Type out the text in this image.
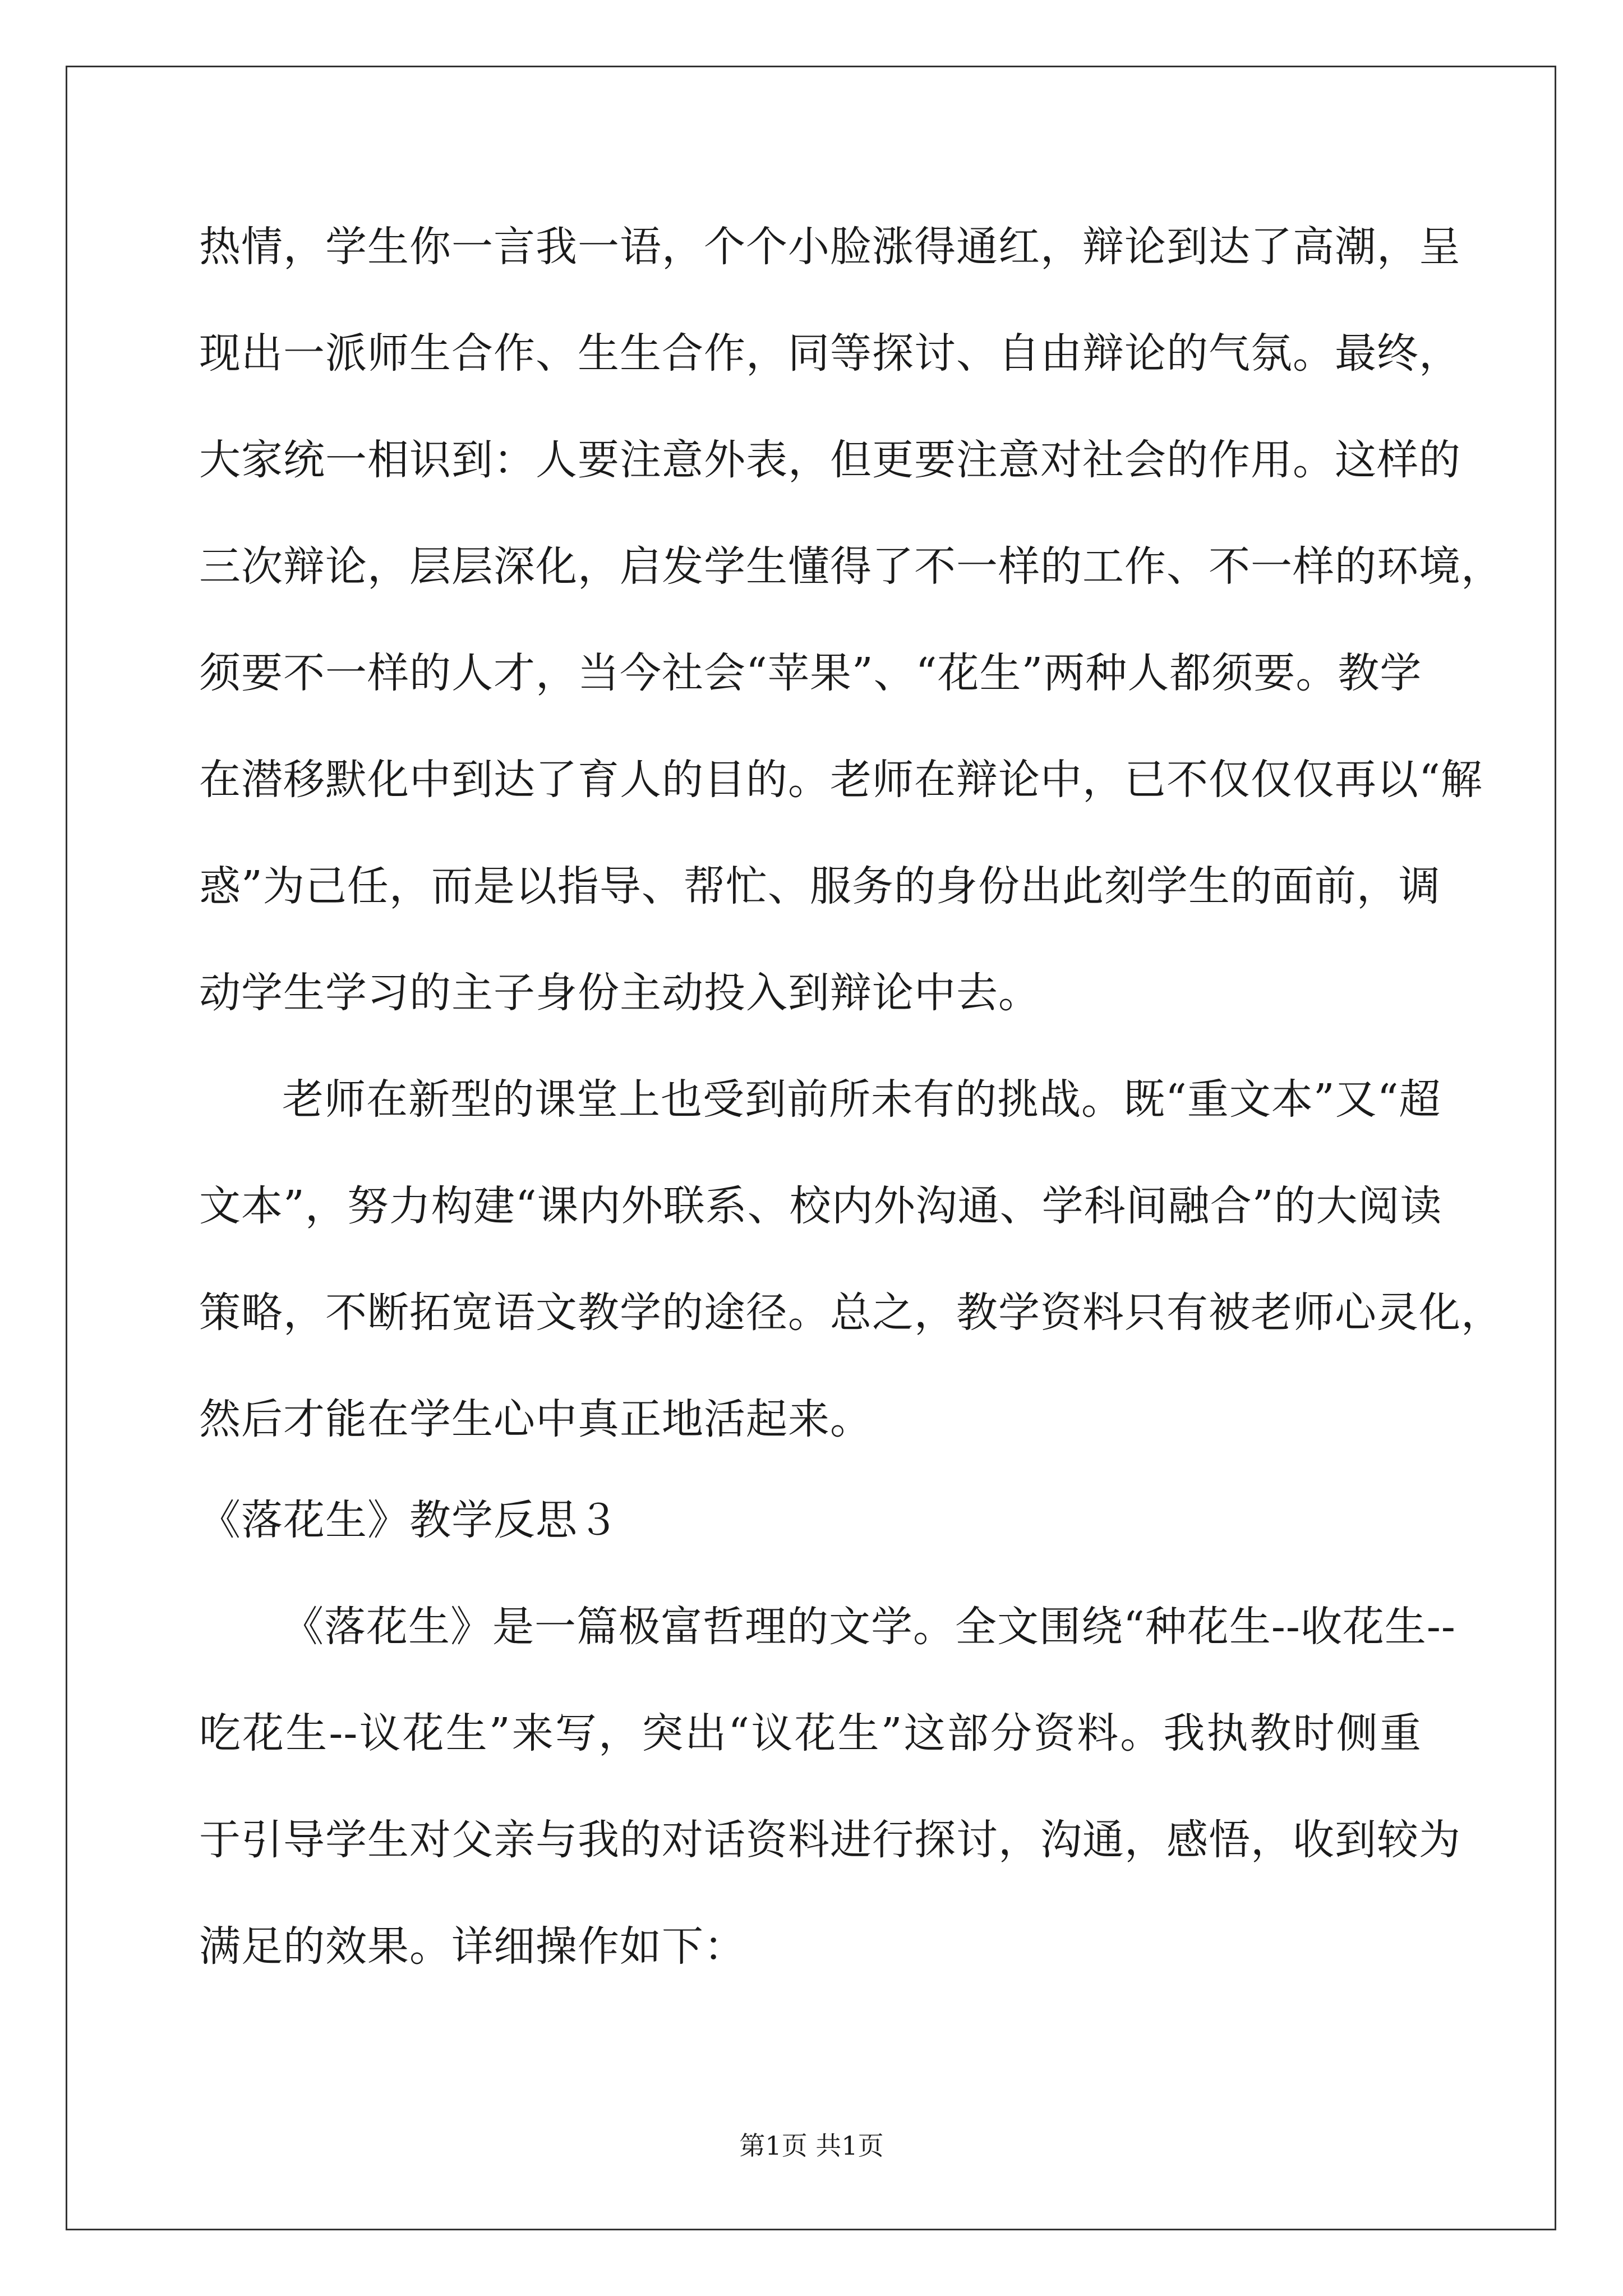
热情，学生你一言我一语，个个小脸涨得通红，辩论到达了高潮，呈
现出一派师生合作、生生合作，同等探讨、自由辩论的气氛。最终，
大家统一相识到：人要注意外表，但更要注意对社会的作用。这样的
三次辩论，层层深化，启发学生懂得了不一样的工作、不一样的环境，
须要不一样的人才，当今社会“苹果”、“花生”两种人都须要。教学
在潜移默化中到达了育人的目的。老师在辩论中，已不仅仅仅再以“解
惑”为己任，而是以指导、帮忙、服务的身份出此刻学生的面前，调
动学生学习的主子身份主动投入到辩论中去。
老师在新型的课堂上也受到前所未有的挑战。既“重文本”又“超
文本”，努力构建“课内外联系、校内外沟通、学科间融合”的大阅读
策略，不断拓宽语文教学的途径。总之，教学资料只有被老师心灵化，
然后才能在学生心中真正地活起来。
《落花生》教学反思３
《落花生》是一篇极富哲理的文学。全文围绕“种花生--收花生--
吃花生--议花生”来写，突出“议花生”这部分资料。我执教时侧重
于引导学生对父亲与我的对话资料进行探讨，沟通，感悟，收到较为
满足的效果。详细操作如下：
第1页 共1页
